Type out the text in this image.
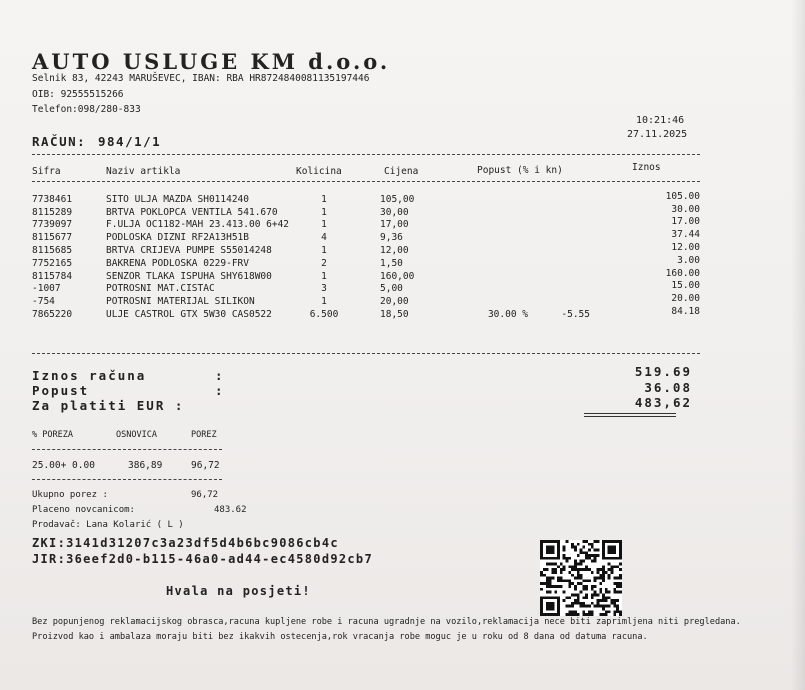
AUTO USLUGE KM d.o.o.
Selnik 83, 42243 MARUŠEVEC, IBAN: RBA HR8724840081135197446
OIB: 92555515266
Telefon:098/280-833
10:21:46
27.11.2025
RAČUN: 984/1/1
Sifra	Naziv artikla	Kolicina	Cijena	Popust (% i kn)	Iznos
7738461	SITO ULJA MAZDA SH0114240	1	105,00			105.00
8115289	BRTVA POKLOPCA VENTILA 541.670	1	30,00			30.00
7739097	F.ULJA OC1182-MAH 23.413.00 6+42	1	17,00			17.00
8115677	PODLOSKA DIZNI RF2A13H51B	4	9,36			37.44
8115685	BRTVA CRIJEVA PUMPE S55014248	1	12,00			12.00
7752165	BAKRENA PODLOSKA 0229-FRV	2	1,50			3.00
8115784	SENZOR TLAKA ISPUHA SHY618W00	1	160,00			160.00
-1007	POTROSNI MAT.CISTAC	3	5,00			15.00
-754	POTROSNI MATERIJAL SILIKON	1	20,00			20.00
7865220	ULJE CASTROL GTX 5W30 CAS0522	6.500	18,50	30.00 %	-5.55	84.18
Iznos računa	:	519.69
Popust	:	36.08
Za platiti EUR :	483,62
% POREZA	OSNOVICA	POREZ
25.00+ 0.00	386,89	96,72
Ukupno porez :	96,72
Placeno novcanicom:	483.62
Prodavač: Lana Kolarić ( L )
ZKI:3141d31207c3a23df5d4b6bc9086cb4c
JIR:36eef2d0-b115-46a0-ad44-ec4580d92cb7
Hvala na posjeti!
Bez popunjenog reklamacijskog obrasca,racuna kupljene robe i racuna ugradnje na vozilo,reklamacija nece biti zaprimljena niti pregledana.
Proizvod kao i ambalaza moraju biti bez ikakvih ostecenja,rok vracanja robe moguc je u roku od 8 dana od datuma racuna.
